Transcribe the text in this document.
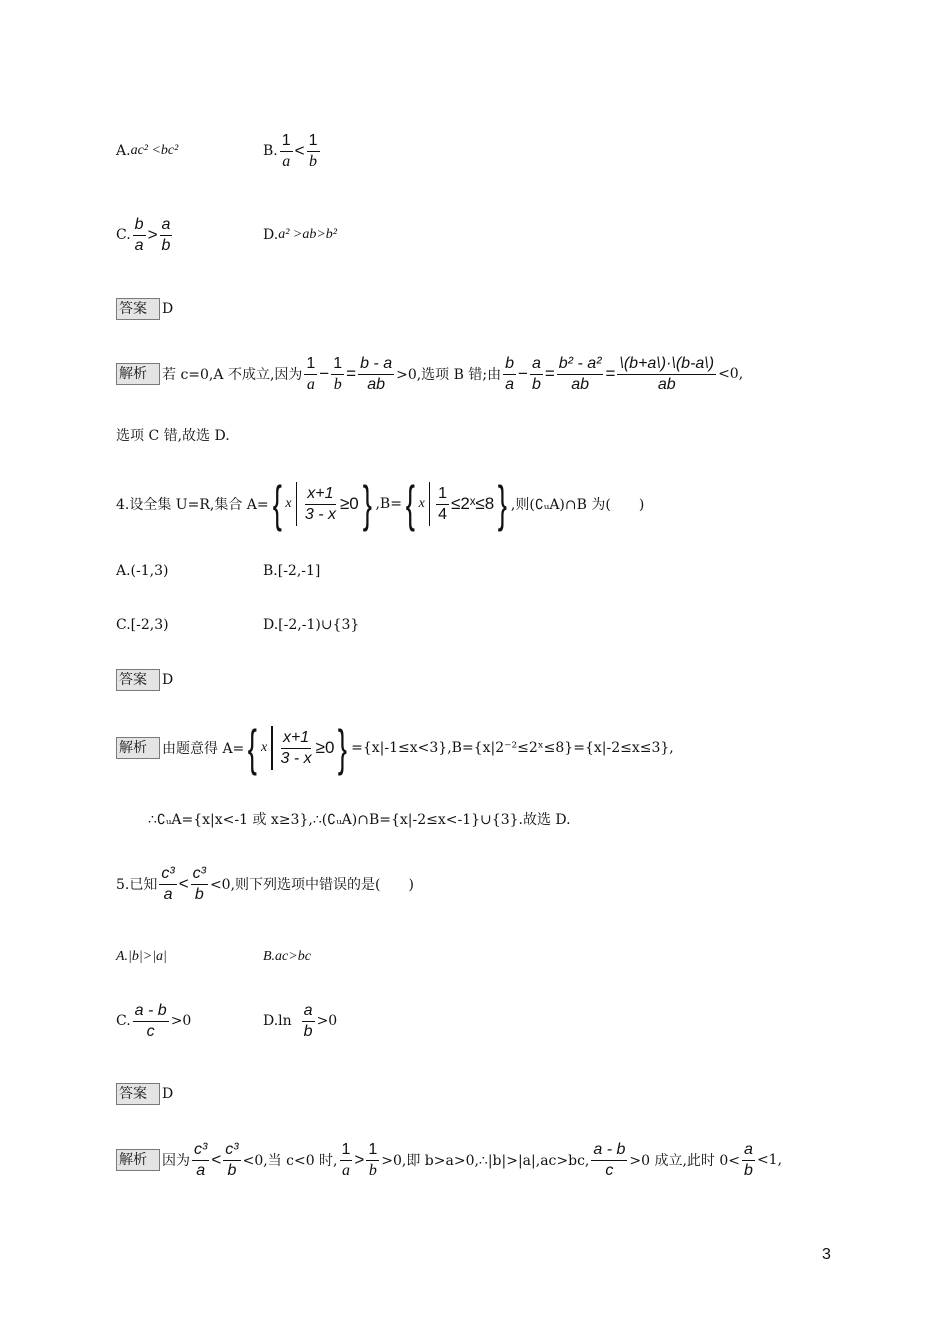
A. ac² <bc²	B. $\frac{1}{a} < \frac{1}{b}$
C. $\frac{b}{a} > \frac{a}{b}$	D. a² >ab>b²
答案	D
解析	若 c=0,A 不成立,因为 $\frac{1}{a} - \frac{1}{b} = \frac{b - a}{ab} >0$,选项 B 错;由 $\frac{b}{a} - \frac{a}{b} = \frac{\text{b² - a²}}{ab} = \frac{\backslash(b+a\backslash)\cdot\backslash(b-a\backslash)}{ab} <0$,
选项 C 错,故选 D.
4.设全集 U=R,集合 A= { x $\frac{x+1}{3 - x} \ge 0$ } ,B= { x $\frac{1}{4}$ ≤2ˣ≤8 } ,则(∁ᵤA)∩B 为(　　)
A.(-1,3)	B.[-2,-1]
C.[-2,3)	D.[-2,-1)∪{3}
答案	D
解析	由题意得 A= { x $\frac{x+1}{3 - x} \ge 0$ } ={x|-1≤x<3},B={x|2⁻²≤2ˣ≤8}={x|-2≤x≤3},
∴∁ᵤA={x|x<-1 或 x≥3},∴(∁ᵤA)∩B={x|-2≤x<-1}∪{3}.故选 D.
5.已知 $\frac{\text{c³}}{a} < \frac{\text{c³}}{b} <0$,则下列选项中错误的是(　　)
A.|b|>|a|	B.ac>bc
C. $\frac{a - b}{c} >0$	$D.\ln \frac{a}{b} >0$
答案	D
解析	因为 $\frac{\text{c³}}{a} < \frac{\text{c³}}{b} <0$,当 c<0 时, $\frac{1}{a} > \frac{1}{b} >0$,即 b>a>0,∴|b|>|a|,ac>bc, $\frac{a - b}{c} >0$ 成立,此时 $0< \frac{a}{b} <1$,
3
